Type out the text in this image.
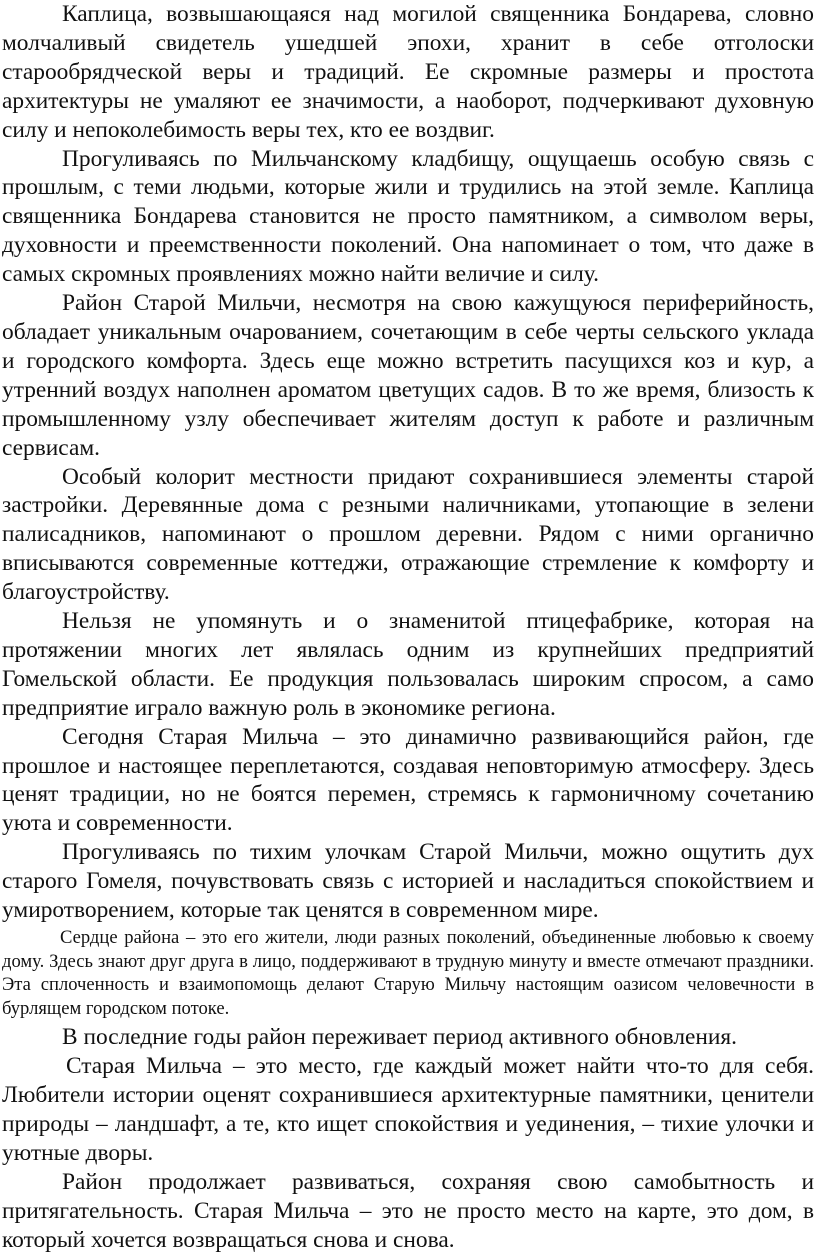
Каплица, возвышающаяся над могилой священника Бондарева, словно молчаливый свидетель ушедшей эпохи, хранит в себе отголоски старообрядческой веры и традиций. Ее скромные размеры и простота архитектуры не умаляют ее значимости, а наоборот, подчеркивают духовную силу и непоколебимость веры тех, кто ее воздвиг.

Прогуливаясь по Мильчанскому кладбищу, ощущаешь особую связь с прошлым, с теми людьми, которые жили и трудились на этой земле. Каплица священника Бондарева становится не просто памятником, а символом веры, духовности и преемственности поколений. Она напоминает о том, что даже в самых скромных проявлениях можно найти величие и силу.

Район Старой Мильчи, несмотря на свою кажущуюся периферийность, обладает уникальным очарованием, сочетающим в себе черты сельского уклада и городского комфорта. Здесь еще можно встретить пасущихся коз и кур, а утренний воздух наполнен ароматом цветущих садов. В то же время, близость к промышленному узлу обеспечивает жителям доступ к работе и различным сервисам.

Особый колорит местности придают сохранившиеся элементы старой застройки. Деревянные дома с резными наличниками, утопающие в зелени палисадников, напоминают о прошлом деревни. Рядом с ними органично вписываются современные коттеджи, отражающие стремление к комфорту и благоустройству.

Нельзя не упомянуть и о знаменитой птицефабрике, которая на протяжении многих лет являлась одним из крупнейших предприятий Гомельской области. Ее продукция пользовалась широким спросом, а само предприятие играло важную роль в экономике региона.

Сегодня Старая Мильча – это динамично развивающийся район, где прошлое и настоящее переплетаются, создавая неповторимую атмосферу. Здесь ценят традиции, но не боятся перемен, стремясь к гармоничному сочетанию уюта и современности.

Прогуливаясь по тихим улочкам Старой Мильчи, можно ощутить дух старого Гомеля, почувствовать связь с историей и насладиться спокойствием и умиротворением, которые так ценятся в современном мире.

Сердце района – это его жители, люди разных поколений, объединенные любовью к своему дому. Здесь знают друг друга в лицо, поддерживают в трудную минуту и вместе отмечают праздники. Эта сплоченность и взаимопомощь делают Старую Мильчу настоящим оазисом человечности в бурлящем городском потоке.

В последние годы район переживает период активного обновления.

Старая Мильча – это место, где каждый может найти что-то для себя. Любители истории оценят сохранившиеся архитектурные памятники, ценители природы – ландшафт, а те, кто ищет спокойствия и уединения, – тихие улочки и уютные дворы.

Район продолжает развиваться, сохраняя свою самобытность и притягательность. Старая Мильча – это не просто место на карте, это дом, в который хочется возвращаться снова и снова.
